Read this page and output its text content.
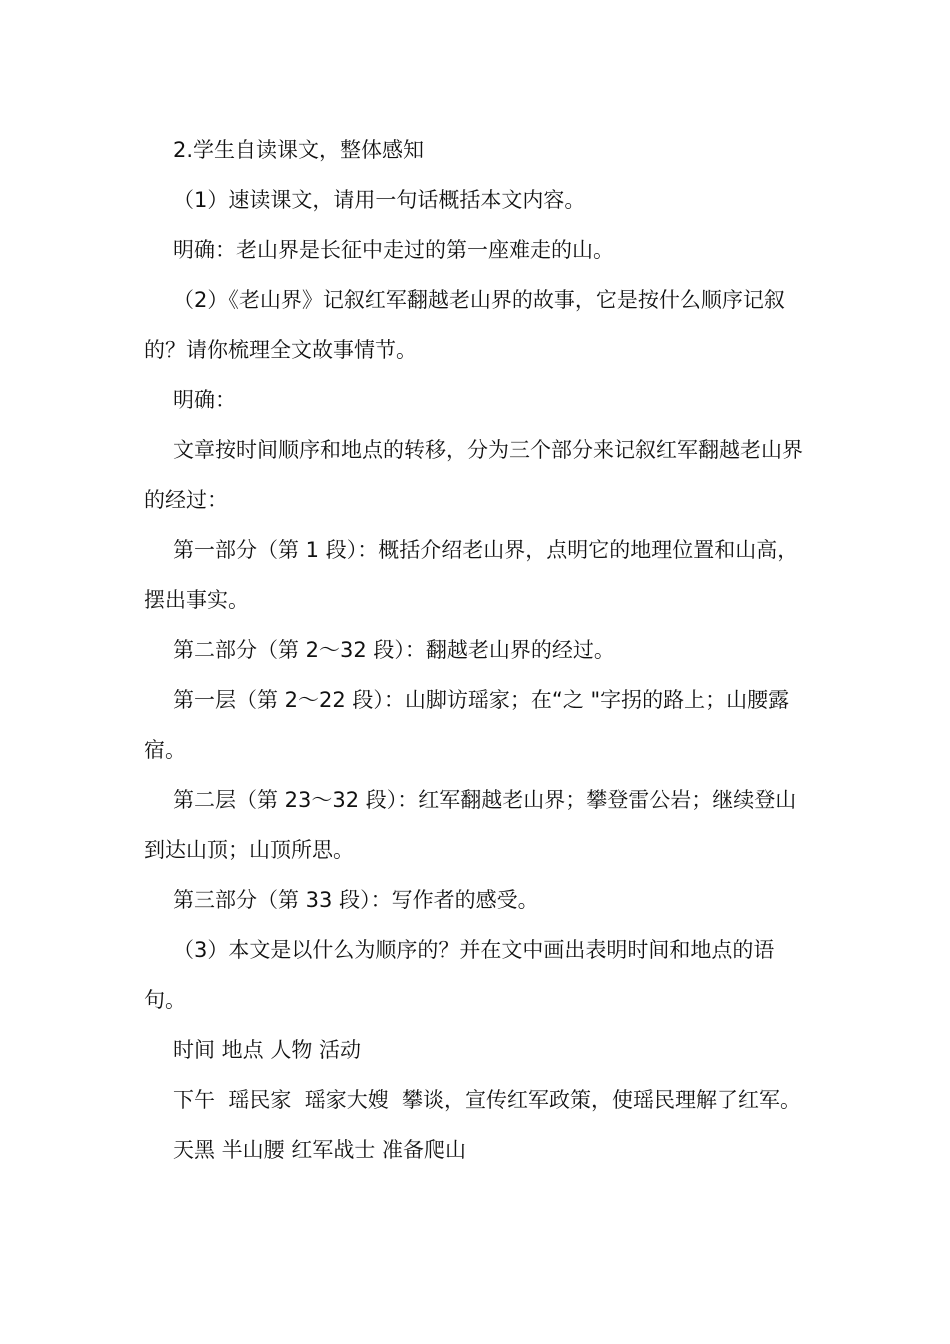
2.学生自读课文，整体感知

（1）速读课文，请用一句话概括本文内容。

明确：老山界是长征中走过的第一座难走的山。

（2）《老山界》记叙红军翻越老山界的故事，它是按什么顺序记叙的？请你梳理全文故事情节。

明确：

文章按时间顺序和地点的转移，分为三个部分来记叙红军翻越老山界的经过：

第一部分（第 1 段）：概括介绍老山界，点明它的地理位置和山高，摆出事实。

第二部分（第 2～32 段）：翻越老山界的经过。

第一层（第 2～22 段）：山脚访瑶家；在“之 "字拐的路上；山腰露宿。

第二层（第 23～32 段）：红军翻越老山界；攀登雷公岩；继续登山到达山顶；山顶所思。

第三部分（第 33 段）：写作者的感受。

（3）本文是以什么为顺序的？并在文中画出表明时间和地点的语句。

时间 地点 人物 活动

下午  瑶民家  瑶家大嫂  攀谈，宣传红军政策，使瑶民理解了红军。

天黑 半山腰 红军战士 准备爬山
